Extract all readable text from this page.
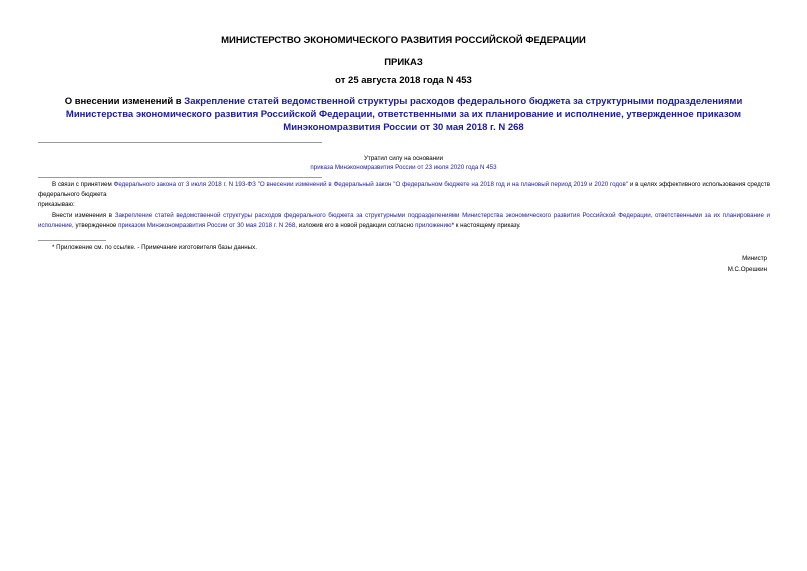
МИНИСТЕРСТВО ЭКОНОМИЧЕСКОГО РАЗВИТИЯ РОССИЙСКОЙ ФЕДЕРАЦИИ
ПРИКАЗ
от 25 августа 2018 года N 453
О внесении изменений в Закрепление статей ведомственной структуры расходов федерального бюджета за структурными подразделениями Министерства экономического развития Российской Федерации, ответственными за их планирование и исполнение, утвержденное приказом Минэкономразвития России от 30 мая 2018 г. N 268
Утратил силу на основании
приказа Минэкономразвития России от 23 июля 2020 года N 453
В связи с принятием Федерального закона от 3 июля 2018 г. N 193-ФЗ "О внесении изменений в Федеральный закон "О федеральном бюджете на 2018 год и на плановый период 2019 и 2020 годов" и в целях эффективного использования средств федерального бюджета
приказываю:
Внести изменения в Закрепление статей ведомственной структуры расходов федерального бюджета за структурными подразделениями Министерства экономического развития Российской Федерации, ответственными за их планирование и исполнение, утвержденное приказом Минэкономразвития России от 30 мая 2018 г. N 268, изложив его в новой редакции согласно приложению* к настоящему приказу.
* Приложение см. по ссылке. - Примечание изготовителя базы данных.
Министр
М.С.Орешкин
